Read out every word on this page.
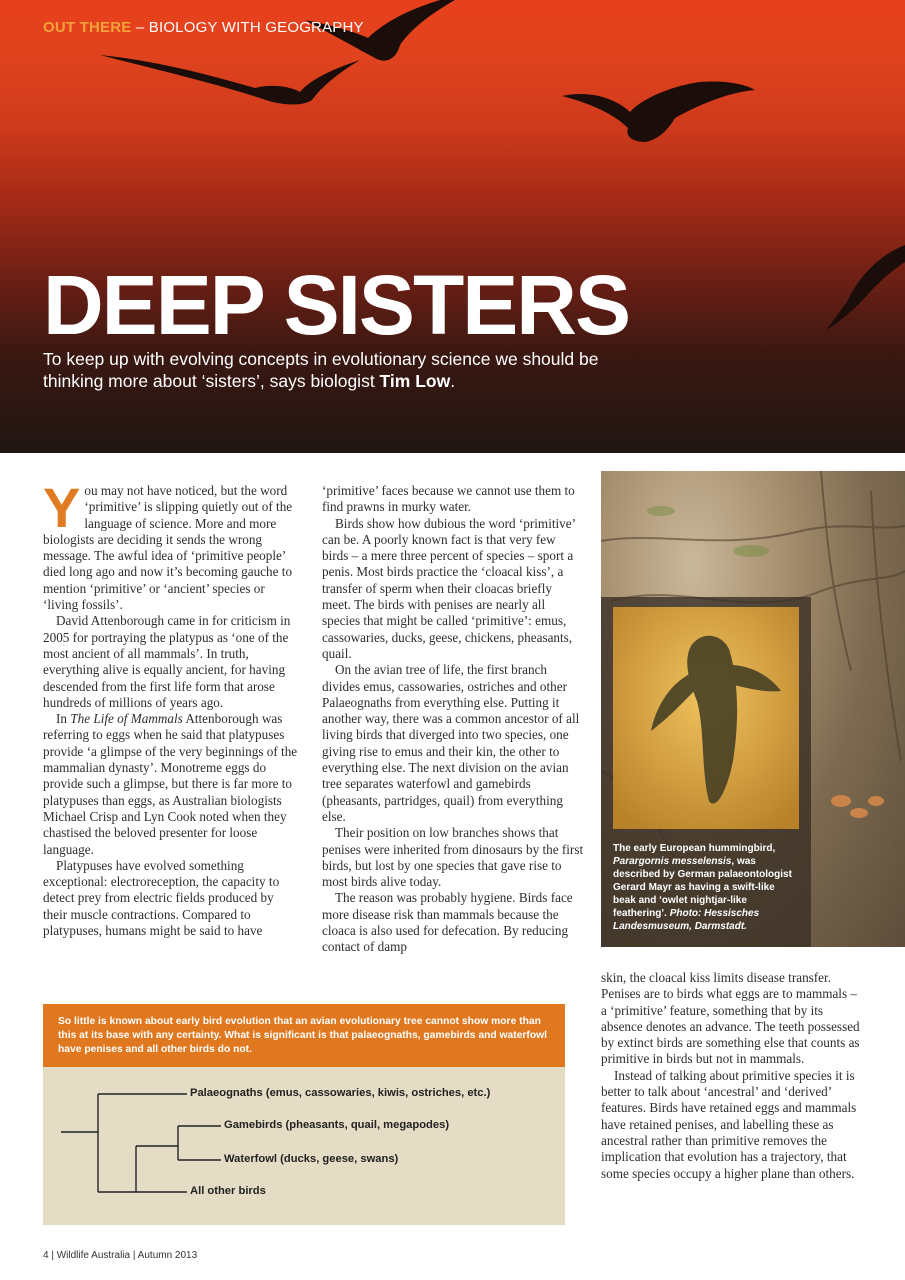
OUT THERE – BIOLOGY WITH GEOGRAPHY
DEEP SISTERS
To keep up with evolving concepts in evolutionary science we should be thinking more about ‘sisters’, says biologist Tim Low.

You may not have noticed, but the word ‘primitive’ is slipping quietly out of the language of science. More and more biologists are deciding it sends the wrong message. The awful idea of ‘primitive people’ died long ago and now it’s becoming gauche to mention ‘primitive’ or ‘ancient’ species or ‘living fossils’.

David Attenborough came in for criticism in 2005 for portraying the platypus as ‘one of the most ancient of all mammals’. In truth, everything alive is equally ancient, for having descended from the first life form that arose hundreds of millions of years ago.

In The Life of Mammals Attenborough was referring to eggs when he said that platypuses provide ‘a glimpse of the very beginnings of the mammalian dynasty’. Monotreme eggs do provide such a glimpse, but there is far more to platypuses than eggs, as Australian biologists Michael Crisp and Lyn Cook noted when they chastised the beloved presenter for loose language.

Platypuses have evolved something exceptional: electroreception, the capacity to detect prey from electric fields produced by their muscle contractions. Compared to platypuses, humans might be said to have

‘primitive’ faces because we cannot use them to find prawns in murky water.

Birds show how dubious the word ‘primitive’ can be. A poorly known fact is that very few birds – a mere three percent of species – sport a penis. Most birds practice the ‘cloacal kiss’, a transfer of sperm when their cloacas briefly meet. The birds with penises are nearly all species that might be called ‘primitive’: emus, cassowaries, ducks, geese, chickens, pheasants, quail.

On the avian tree of life, the first branch divides emus, cassowaries, ostriches and other Palaeognaths from everything else. Putting it another way, there was a common ancestor of all living birds that diverged into two species, one giving rise to emus and their kin, the other to everything else. The next division on the avian tree separates waterfowl and gamebirds (pheasants, partridges, quail) from everything else.

Their position on low branches shows that penises were inherited from dinosaurs by the first birds, but lost by one species that gave rise to most birds alive today.

The reason was probably hygiene. Birds face more disease risk than mammals because the cloaca is also used for defecation. By reducing contact of damp

The early European hummingbird, Parargornis messelensis, was described by German palaeontologist Gerard Mayr as having a swift-like beak and ‘owlet nightjar-like feathering’. Photo: Hessisches Landesmuseum, Darmstadt.

skin, the cloacal kiss limits disease transfer. Penises are to birds what eggs are to mammals – a ‘primitive’ feature, something that by its absence denotes an advance. The teeth possessed by extinct birds are something else that counts as primitive in birds but not in mammals.

Instead of talking about primitive species it is better to talk about ‘ancestral’ and ‘derived’ features. Birds have retained eggs and mammals have retained penises, and labelling these as ancestral rather than primitive removes the implication that evolution has a trajectory, that some species occupy a higher plane than others.

So little is known about early bird evolution that an avian evolutionary tree cannot show more than this at its base with any certainty. What is significant is that palaeognaths, gamebirds and waterfowl have penises and all other birds do not.
Palaeognaths (emus, cassowaries, kiwis, ostriches, etc.)
Gamebirds (pheasants, quail, megapodes)
Waterfowl (ducks, geese, swans)
All other birds
4 | Wildlife Australia | Autumn 2013
